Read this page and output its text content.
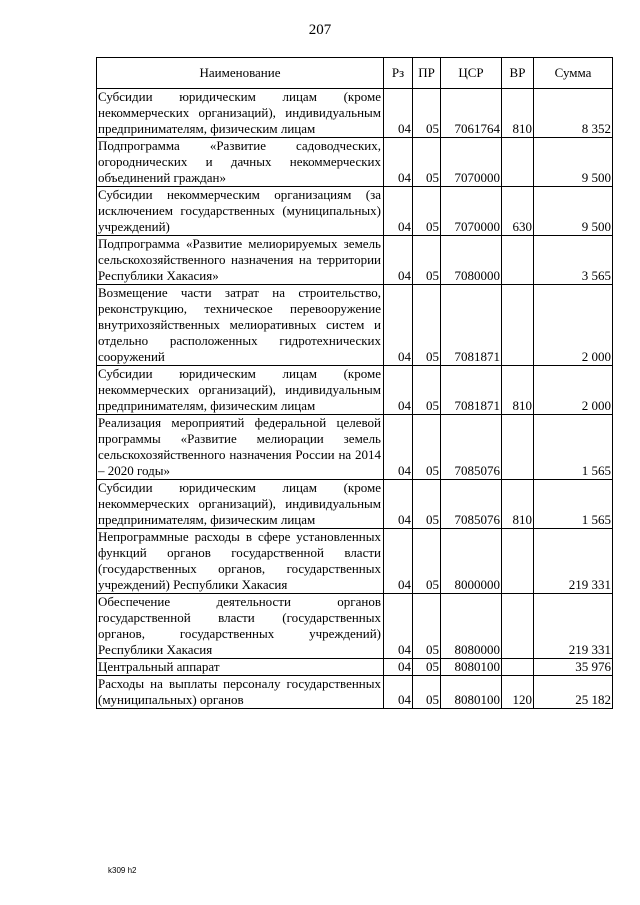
207
Наименование	Рз	ПР	ЦСР	ВР	Сумма
Субсидии юридическим лицам (кроме некоммерческих организаций), индивидуальным предпринимателям, физическим лицам	04	05	7061764	810	8 352
Подпрограмма «Развитие садоводческих, огороднических и дачных некоммерческих объединений граждан»	04	05	7070000		9 500
Субсидии некоммерческим организациям (за исключением государственных (муниципальных) учреждений)	04	05	7070000	630	9 500
Подпрограмма «Развитие мелиорируемых земель сельскохозяйственного назначения на территории Республики Хакасия»	04	05	7080000		3 565
Возмещение части затрат на строительство, реконструкцию, техническое перевооружение внутрихозяйственных мелиоративных систем и отдельно расположенных гидротехнических сооружений	04	05	7081871		2 000
Субсидии юридическим лицам (кроме некоммерческих организаций), индивидуальным предпринимателям, физическим лицам	04	05	7081871	810	2 000
Реализация мероприятий федеральной целевой программы «Развитие мелиорации земель сельскохозяйственного назначения России на 2014 – 2020 годы»	04	05	7085076		1 565
Субсидии юридическим лицам (кроме некоммерческих организаций), индивидуальным предпринимателям, физическим лицам	04	05	7085076	810	1 565
Непрограммные расходы в сфере установленных функций органов государственной власти (государственных органов, государственных учреждений) Республики Хакасия	04	05	8000000		219 331
Обеспечение деятельности органов государственной власти (государственных органов, государственных учреждений) Республики Хакасия	04	05	8080000		219 331
Центральный аппарат	04	05	8080100		35 976
Расходы на выплаты персоналу государственных (муниципальных) органов	04	05	8080100	120	25 182
k309 h2
